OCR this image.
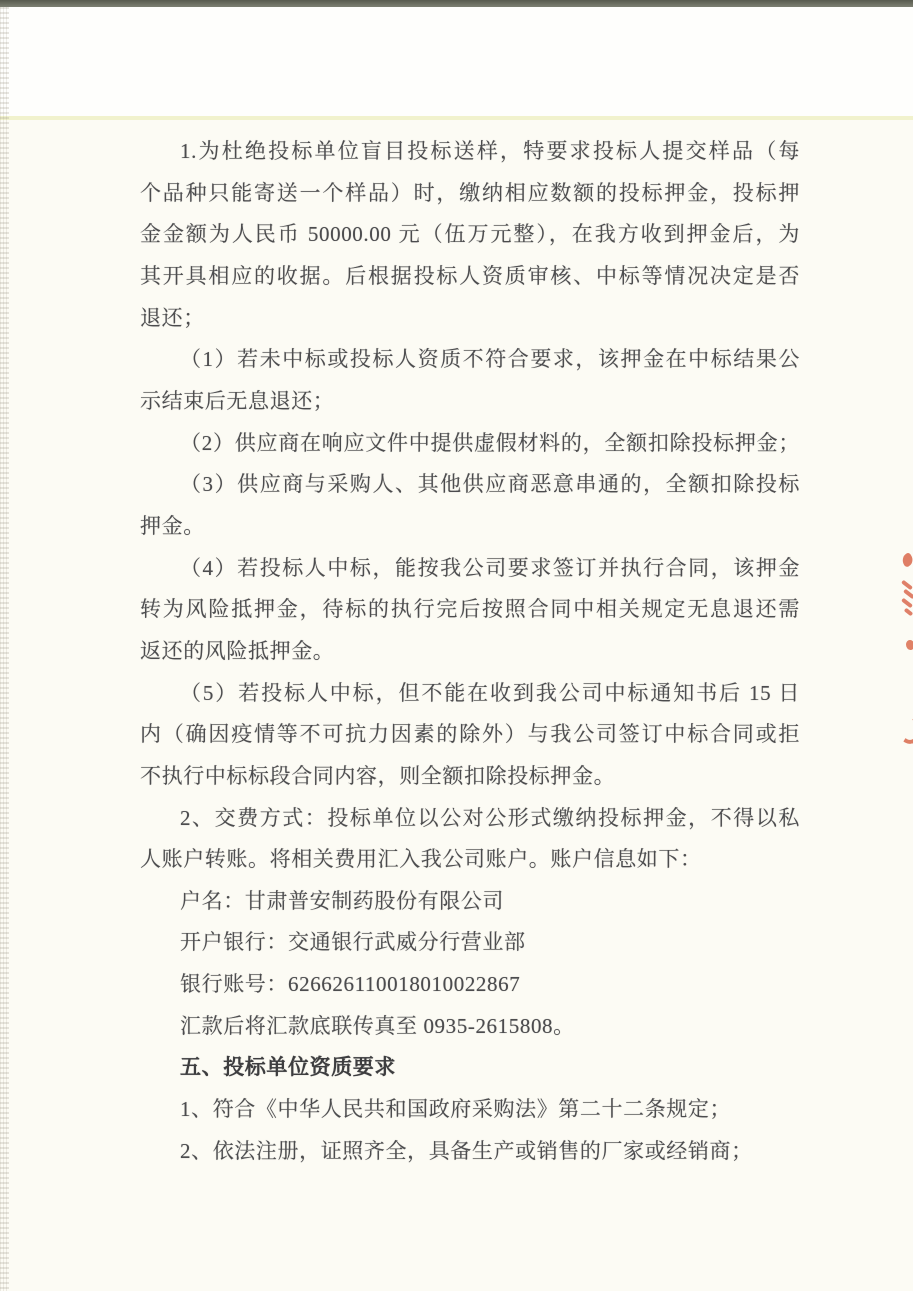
1.为杜绝投标单位盲目投标送样，特要求投标人提交样品（每
个品种只能寄送一个样品）时，缴纳相应数额的投标押金，投标押
金金额为人民币 50000.00 元（伍万元整），在我方收到押金后，为
其开具相应的收据。后根据投标人资质审核、中标等情况决定是否
退还；
（1）若未中标或投标人资质不符合要求，该押金在中标结果公
示结束后无息退还；
（2）供应商在响应文件中提供虚假材料的，全额扣除投标押金；
（3）供应商与采购人、其他供应商恶意串通的，全额扣除投标
押金。
（4）若投标人中标，能按我公司要求签订并执行合同，该押金
转为风险抵押金，待标的执行完后按照合同中相关规定无息退还需
返还的风险抵押金。
（5）若投标人中标，但不能在收到我公司中标通知书后 15 日
内（确因疫情等不可抗力因素的除外）与我公司签订中标合同或拒
不执行中标标段合同内容，则全额扣除投标押金。
2、交费方式：投标单位以公对公形式缴纳投标押金，不得以私
人账户转账。将相关费用汇入我公司账户。账户信息如下：
户名：甘肃普安制药股份有限公司
开户银行：交通银行武威分行营业部
银行账号：626626110018010022867
汇款后将汇款底联传真至 0935-2615808。
五、投标单位资质要求
1、符合《中华人民共和国政府采购法》第二十二条规定；
2、依法注册，证照齐全，具备生产或销售的厂家或经销商；
